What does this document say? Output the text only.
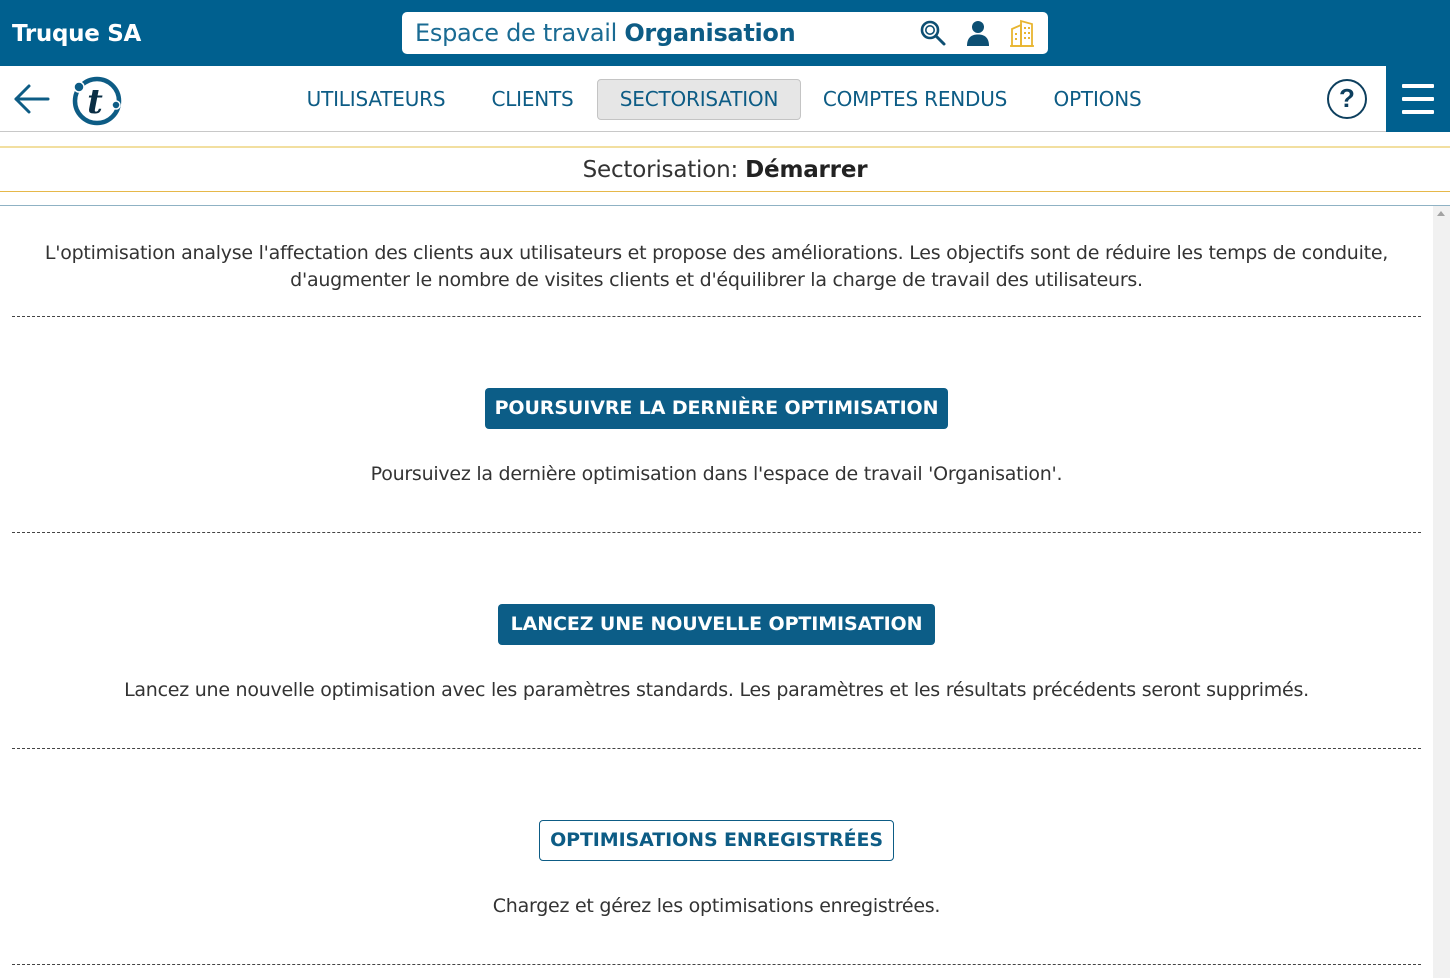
Truque SA	Espace de travail Organisation
t	UTILISATEURS	CLIENTS	SECTORISATION	COMPTES RENDUS	OPTIONS	?
Sectorisation: Démarrer
L'optimisation analyse l'affectation des clients aux utilisateurs et propose des améliorations. Les objectifs sont de réduire les temps de conduite,
d'augmenter le nombre de visites clients et d'équilibrer la charge de travail des utilisateurs.
POURSUIVRE LA DERNIÈRE OPTIMISATION
Poursuivez la dernière optimisation dans l'espace de travail 'Organisation'.
LANCEZ UNE NOUVELLE OPTIMISATION
Lancez une nouvelle optimisation avec les paramètres standards. Les paramètres et les résultats précédents seront supprimés.
OPTIMISATIONS ENREGISTRÉES
Chargez et gérez les optimisations enregistrées.
